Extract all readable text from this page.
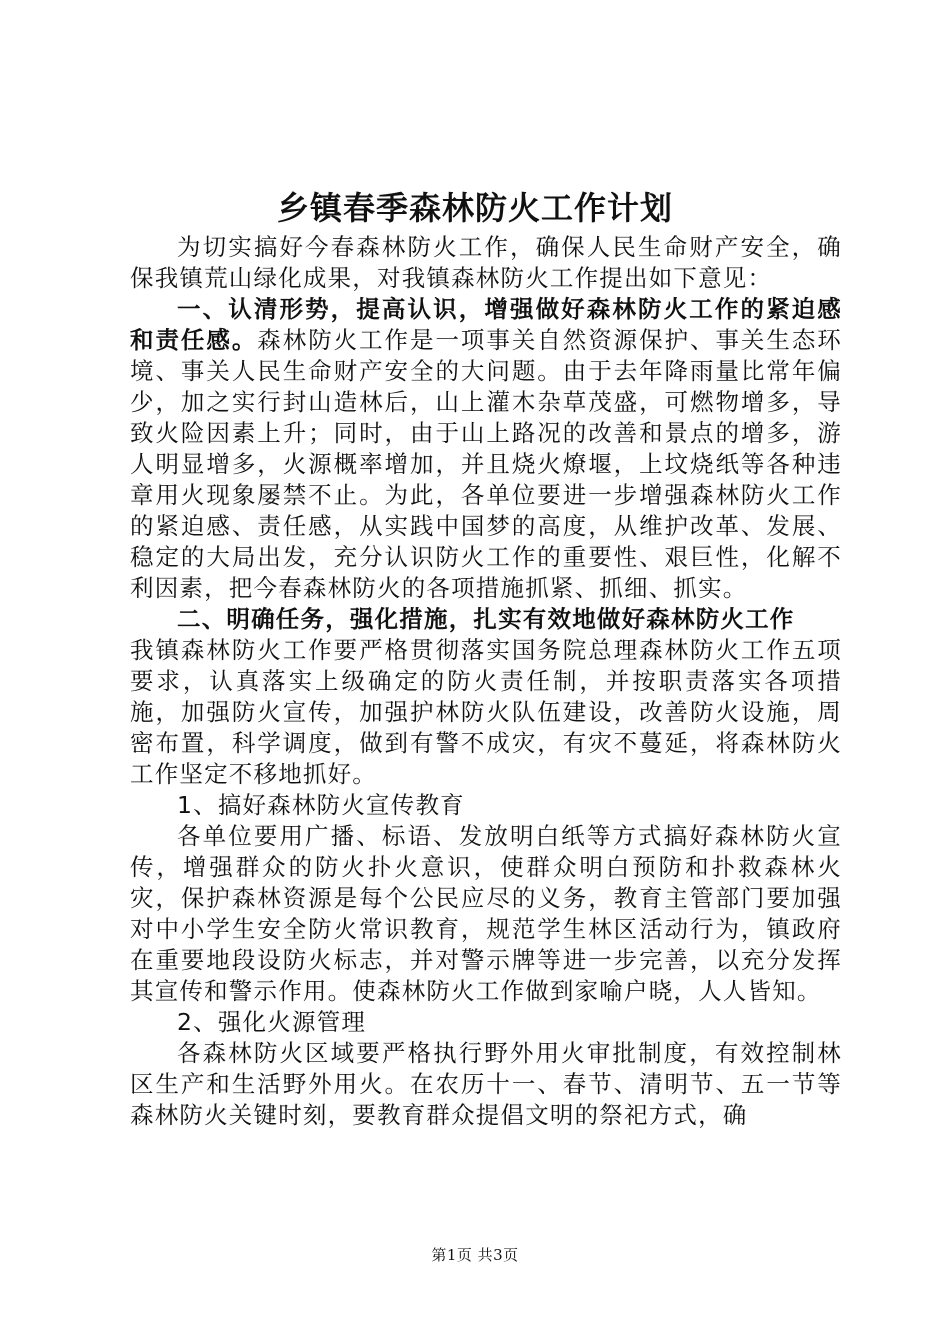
乡镇春季森林防火工作计划

为切实搞好今春森林防火工作，确保人民生命财产安全，确保我镇荒山绿化成果，对我镇森林防火工作提出如下意见：

一、认清形势，提高认识，增强做好森林防火工作的紧迫感和责任感。森林防火工作是一项事关自然资源保护、事关生态环境、事关人民生命财产安全的大问题。由于去年降雨量比常年偏少，加之实行封山造林后，山上灌木杂草茂盛，可燃物增多，导致火险因素上升；同时，由于山上路况的改善和景点的增多，游人明显增多，火源概率增加，并且烧火燎堰，上坟烧纸等各种违章用火现象屡禁不止。为此，各单位要进一步增强森林防火工作的紧迫感、责任感，从实践中国梦的高度，从维护改革、发展、稳定的大局出发，充分认识防火工作的重要性、艰巨性，化解不利因素，把今春森林防火的各项措施抓紧、抓细、抓实。

二、明确任务，强化措施，扎实有效地做好森林防火工作

我镇森林防火工作要严格贯彻落实国务院总理森林防火工作五项要求，认真落实上级确定的防火责任制，并按职责落实各项措施，加强防火宣传，加强护林防火队伍建设，改善防火设施，周密布置，科学调度，做到有警不成灾，有灾不蔓延，将森林防火工作坚定不移地抓好。

1、搞好森林防火宣传教育

各单位要用广播、标语、发放明白纸等方式搞好森林防火宣传，增强群众的防火扑火意识，使群众明白预防和扑救森林火灾，保护森林资源是每个公民应尽的义务，教育主管部门要加强对中小学生安全防火常识教育，规范学生林区活动行为，镇政府在重要地段设防火标志，并对警示牌等进一步完善，以充分发挥其宣传和警示作用。使森林防火工作做到家喻户晓，人人皆知。

2、强化火源管理

各森林防火区域要严格执行野外用火审批制度，有效控制林区生产和生活野外用火。在农历十一、春节、清明节、五一节等森林防火关键时刻，要教育群众提倡文明的祭祀方式，确

第1页 共3页
